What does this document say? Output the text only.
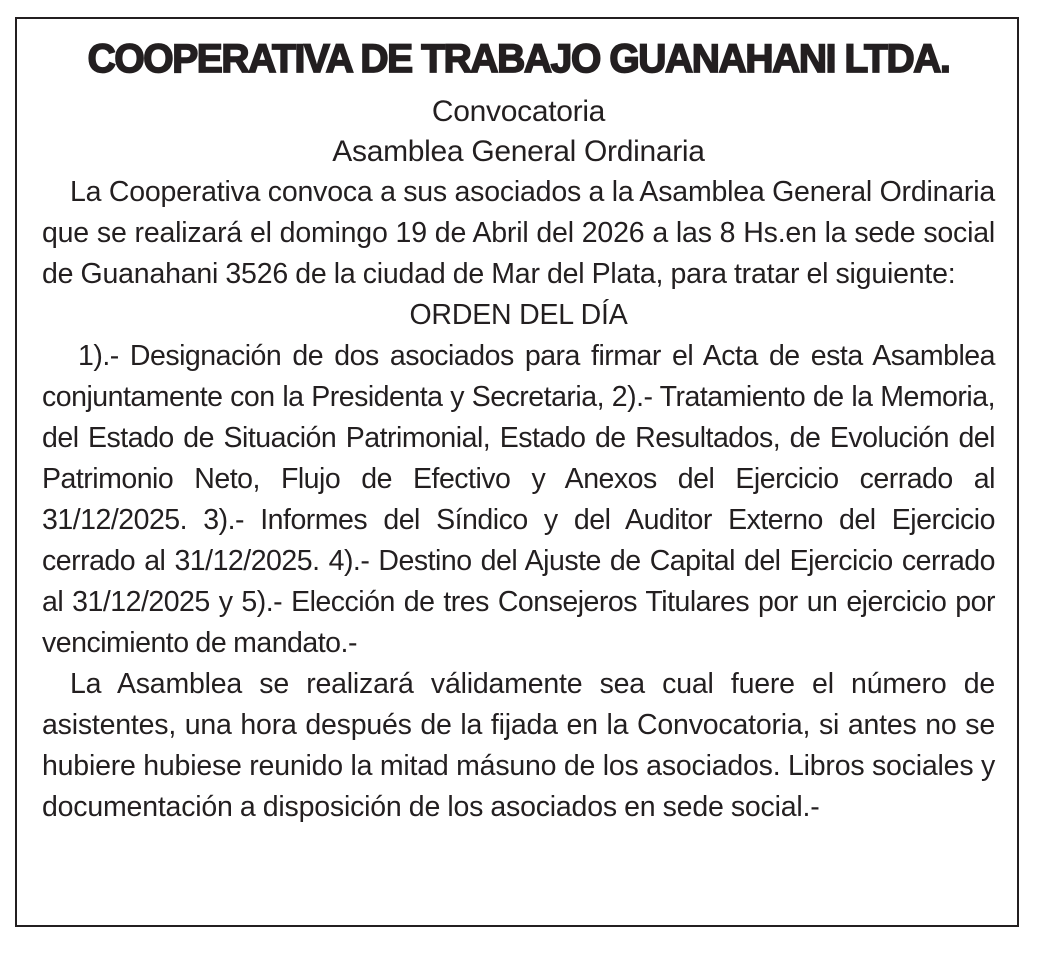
COOPERATIVA DE TRABAJO GUANAHANI LTDA.

Convocatoria

Asamblea General Ordinaria

La Cooperativa convoca a sus asociados a la Asamblea General Ordinaria que se realizará el domingo 19 de Abril del 2026 a las 8 Hs.en la sede social de Guanahani 3526 de la ciudad de Mar del Plata, para tratar el siguiente:

ORDEN DEL DÍA

1).- Designación de dos asociados para firmar el Acta de esta Asamblea conjuntamente con la Presidenta y Secretaria, 2).- Tratamiento de la Memoria, del Estado de Situación Patrimonial, Estado de Resultados, de Evolución del Patrimonio Neto, Flujo de Efectivo y Anexos del Ejercicio cerrado al 31/12/2025. 3).- Informes del Síndico y del Auditor Externo del Ejercicio cerrado al 31/12/2025. 4).- Destino del Ajuste de Capital del Ejercicio cerrado al 31/12/2025 y 5).- Elección de tres Consejeros Titulares por un ejercicio por vencimiento de mandato.-

La Asamblea se realizará válidamente sea cual fuere el número de asistentes, una hora después de la fijada en la Convocatoria, si antes no se hubiere hubiese reunido la mitad másuno de los asociados. Libros sociales y documentación a disposición de los asociados en sede social.-
